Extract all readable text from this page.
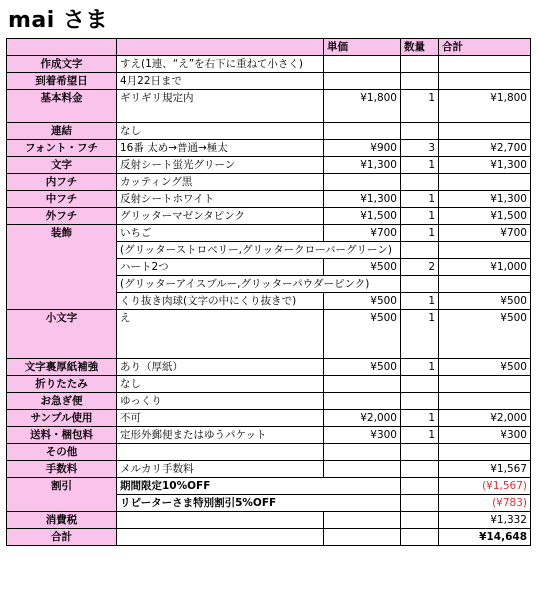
mai さま
		単価	数量	合計
作成文字	すえ(1連、“え”を右下に重ねて小さく)			
到着希望日	4月22日まで			
基本料金	ギリギリ規定内	¥1,800	1	¥1,800

連結	なし			
フォント・フチ	16番 太め→普通→極太	¥900	3	¥2,700
文字	反射シート蛍光グリーン	¥1,300	1	¥1,300
内フチ	カッティング黒			
中フチ	反射シートホワイト	¥1,300	1	¥1,300
外フチ	グリッターマゼンタピンク	¥1,500	1	¥1,500
装飾	いちご	¥700	1	¥700
	(グリッターストロベリー,グリッタークローバーグリーン)			
	ハート2つ	¥500	2	¥1,000
	(グリッターアイスブルー,グリッターパウダーピンク)			
	くり抜き肉球(文字の中にくり抜きで)	¥500	1	¥500
小文字	え	¥500	1	¥500

文字裏厚紙補強	あり（厚紙）	¥500	1	¥500
折りたたみ	なし			
お急ぎ便	ゆっくり			
サンプル使用	不可	¥2,000	1	¥2,000
送料・梱包料	定形外郵便またはゆうパケット	¥300	1	¥300
その他				
手数料	メルカリ手数料			¥1,567
割引	期間限定10%OFF			(¥1,567)
	リピーターさま特別割引5%OFF			(¥783)
消費税				¥1,332
合計				¥14,648
